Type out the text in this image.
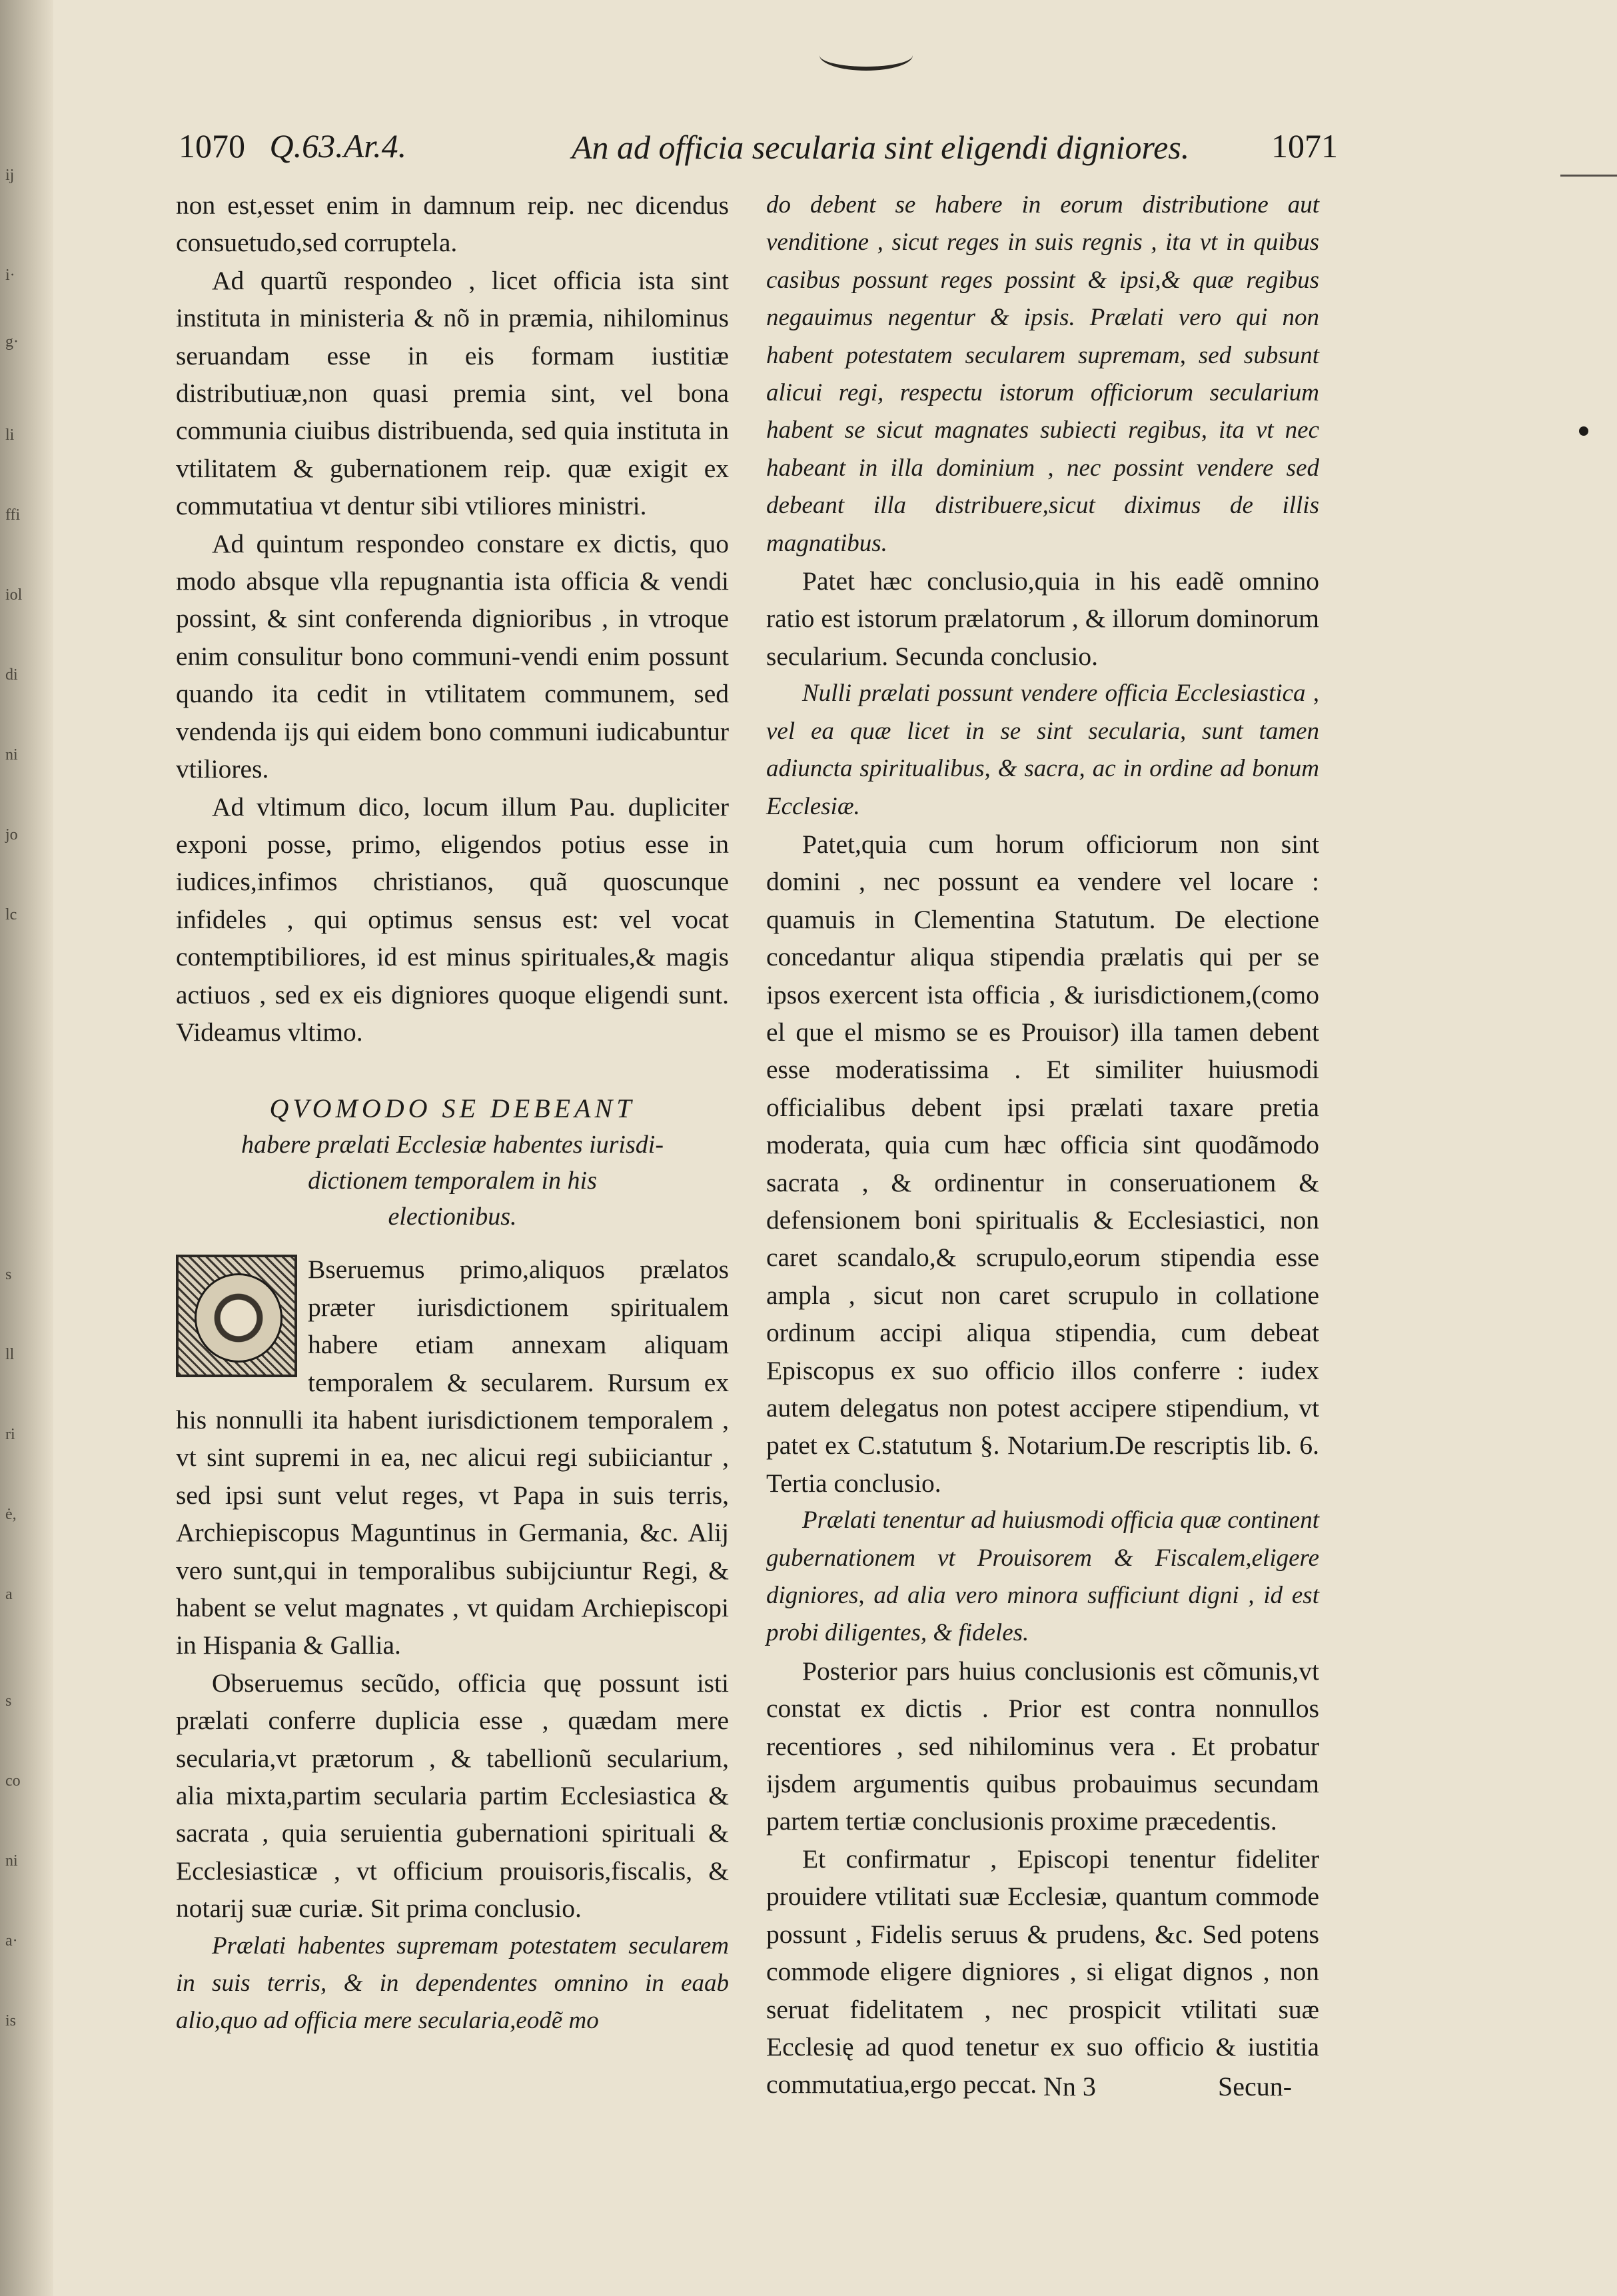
ij
i·
g·
li
ffi
iol
di
ni
jo
lc
s
ll
ri
ė,
a
s
co
ni
a·
is
1070 Q.63.Ar.4.	An ad officia secularia sint eligendi digniores. 1071

non est,esset enim in damnum reip. nec dicendus consuetudo,sed corruptela.

Ad quartũ respondeo , licet officia ista sint instituta in ministeria & nõ in præmia, nihilominus seruandam esse in eis formam iustitiæ distributiuæ,non quasi premia sint, vel bona communia ciuibus distribuenda, sed quia instituta in vtilitatem & gubernationem reip. quæ exigit ex commutatiua vt dentur sibi vtiliores ministri.

Ad quintum respondeo constare ex dictis, quo modo absque vlla repugnantia ista officia & vendi possint, & sint conferenda dignioribus , in vtroque enim consulitur bono communi-vendi enim possunt quando ita cedit in vtilitatem communem, sed vendenda ijs qui eidem bono communi iudicabuntur vtiliores.

Ad vltimum dico, locum illum Pau. dupliciter exponi posse, primo, eligendos potius esse in iudices,infimos christianos, quã quoscunque infideles , qui optimus sensus est: vel vocat contemptibiliores, id est minus spirituales,& magis actiuos , sed ex eis digniores quoque eligendi sunt. Videamus vltimo.

QVOMODO SE DEBEANT
habere prælati Ecclesiæ habentes iurisdi-
dictionem temporalem in his
electionibus.

Bseruemus primo,aliquos prælatos præter iurisdictionem spiritualem habere etiam annexam aliquam temporalem & secularem. Rursum ex his nonnulli ita habent iurisdictionem temporalem , vt sint supremi in ea, nec alicui regi subiiciantur , sed ipsi sunt velut reges, vt Papa in suis terris, Archiepiscopus Maguntinus in Germania, &c. Alij vero sunt,qui in temporalibus subijciuntur Regi, & habent se velut magnates , vt quidam Archiepiscopi in Hispania & Gallia.

Obseruemus secũdo, officia quę possunt isti prælati conferre duplicia esse , quædam mere secularia,vt prætorum , & tabellionũ secularium, alia mixta,partim secularia partim Ecclesiastica & sacrata , quia seruientia gubernationi spirituali & Ecclesiasticæ , vt officium prouisoris,fiscalis, & notarij suæ curiæ. Sit prima conclusio.

Prælati habentes supremam potestatem secularem in suis terris, & in dependentes omnino in eaab alio,quo ad officia mere secularia,eodẽ mo

do debent se habere in eorum distributione aut venditione , sicut reges in suis regnis , ita vt in quibus casibus possunt reges possint & ipsi,& quæ regibus negauimus negentur & ipsis. Prælati vero qui non habent potestatem secularem supremam, sed subsunt alicui regi, respectu istorum officiorum secularium habent se sicut magnates subiecti regibus, ita vt nec habeant in illa dominium , nec possint vendere sed debeant illa distribuere,sicut diximus de illis magnatibus.

Patet hæc conclusio,quia in his eadẽ omnino ratio est istorum prælatorum , & illorum dominorum secularium. Secunda conclusio.

Nulli prælati possunt vendere officia Ecclesiastica , vel ea quæ licet in se sint secularia, sunt tamen adiuncta spiritualibus, & sacra, ac in ordine ad bonum Ecclesiæ.

Patet,quia cum horum officiorum non sint domini , nec possunt ea vendere vel locare : quamuis in Clementina Statutum. De electione concedantur aliqua stipendia prælatis qui per se ipsos exercent ista officia , & iurisdictionem,(como el que el mismo se es Prouisor) illa tamen debent esse moderatissima . Et similiter huiusmodi officialibus debent ipsi prælati taxare pretia moderata, quia cum hæc officia sint quodãmodo sacrata , & ordinentur in conseruationem & defensionem boni spiritualis & Ecclesiastici, non caret scandalo,& scrupulo,eorum stipendia esse ampla , sicut non caret scrupulo in collatione ordinum accipi aliqua stipendia, cum debeat Episcopus ex suo officio illos conferre : iudex autem delegatus non potest accipere stipendium, vt patet ex C.statutum §. Notarium.De rescriptis lib. 6. Tertia conclusio.

Prælati tenentur ad huiusmodi officia quæ continent gubernationem vt Prouisorem & Fiscalem,eligere digniores, ad alia vero minora sufficiunt digni , id est probi diligentes, & fideles.

Posterior pars huius conclusionis est cõmunis,vt constat ex dictis . Prior est contra nonnullos recentiores , sed nihilominus vera . Et probatur ijsdem argumentis quibus probauimus secundam partem tertiæ conclusionis proxime præcedentis.

Et confirmatur , Episcopi tenentur fideliter prouidere vtilitati suæ Ecclesiæ, quantum commode possunt , Fidelis seruus & prudens, &c. Sed potens commode eligere digniores , si eligat dignos , non seruat fidelitatem , nec prospicit vtilitati suæ Ecclesię ad quod tenetur ex suo officio & iustitia commutatiua,ergo peccat. Nn 3	Secun-
